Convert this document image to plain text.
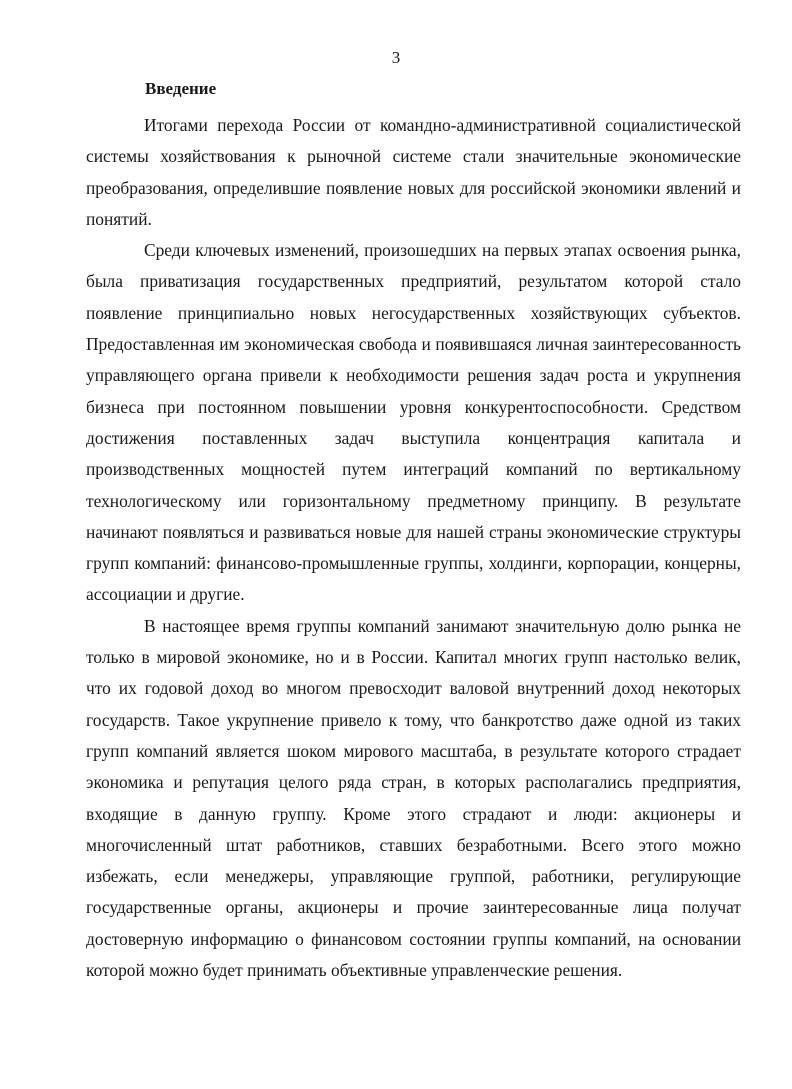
3
Введение

Итогами перехода России от командно-административной социалистической системы хозяйствования к рыночной системе стали значительные экономические преобразования, определившие появление новых для российской экономики явлений и понятий.

Среди ключевых изменений, произошедших на первых этапах освоения рынка, была приватизация государственных предприятий, результатом которой стало появление принципиально новых негосударственных хозяйствующих субъектов. Предоставленная им экономическая свобода и появившаяся личная заинтересованность управляющего органа привели к необходимости решения задач роста и укрупнения бизнеса при постоянном повышении уровня конкурентоспособности. Средством достижения поставленных задач выступила концентрация капитала и производственных мощностей путем интеграций компаний по вертикальному технологическому или горизонтальному предметному принципу. В результате начинают появляться и развиваться новые для нашей страны экономические структуры групп компаний: финансово-промышленные группы, холдинги, корпорации, концерны, ассоциации и другие.

В настоящее время группы компаний занимают значительную долю рынка не только в мировой экономике, но и в России. Капитал многих групп настолько велик, что их годовой доход во многом превосходит валовой внутренний доход некоторых государств. Такое укрупнение привело к тому, что банкротство даже одной из таких групп компаний является шоком мирового масштаба, в результате которого страдает экономика и репутация целого ряда стран, в которых располагались предприятия, входящие в данную группу. Кроме этого страдают и люди: акционеры и многочисленный штат работников, ставших безработными. Всего этого можно избежать, если менеджеры, управляющие группой, работники, регулирующие государственные органы, акционеры и прочие заинтересованные лица получат достоверную информацию о финансовом состоянии группы компаний, на основании которой можно будет принимать объективные управленческие решения.
